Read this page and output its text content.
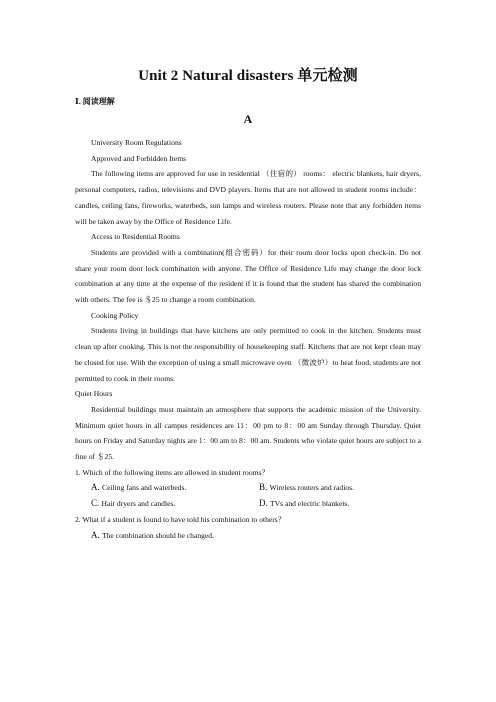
Unit 2 Natural disasters 单元检测
Ⅰ. 阅读理解
A

University Room Regulations

Approved and Forbidden Items

The following items are approved for use in residential （住宿的） rooms： electric blankets, hair dryers, personal computers, radios, televisions and DVD players. Items that are not allowed in student rooms include： candles, ceiling fans, fireworks, waterbeds, sun lamps and wireless routers. Please note that any forbidden items will be taken away by the Office of Residence Life.

Access to Residential Rooms

Students are provided with a combination(组合密码）for their room door locks upon check-in. Do not share your room door lock combination with anyone. The Office of Residence Life may change the door lock combination at any time at the expense of the resident if it is found that the student has shared the combination with others. The fee is ＄25 to change a room combination.

Cooking Policy

Students living in buildings that have kitchens are only permitted to cook in the kitchen. Students must clean up after cooking. This is not the responsibility of housekeeping staff. Kitchens that are not kept clean may be closed for use. With the exception of using a small microwave oven （微波炉）to heat food, students are not permitted to cook in their rooms.

Quiet Hours

Residential buildings must maintain an atmosphere that supports the academic mission of the University. Minimum quiet hours in all campus residences are 11：00 pm to 8：00 am Sunday through Thursday. Quiet hours on Friday and Saturday nights are 1：00 am to 8：00 am. Students who violate quiet hours are subject to a fine of ＄25.

1. Which of the following items are allowed in student rooms？

A. Ceiling fans and waterbeds.	B. Wireless routers and radios.
C. Hair dryers and candles.	D. TVs and electric blankets.

2. What if a student is found to have told his combination to others？

A. The combination should be changed.
